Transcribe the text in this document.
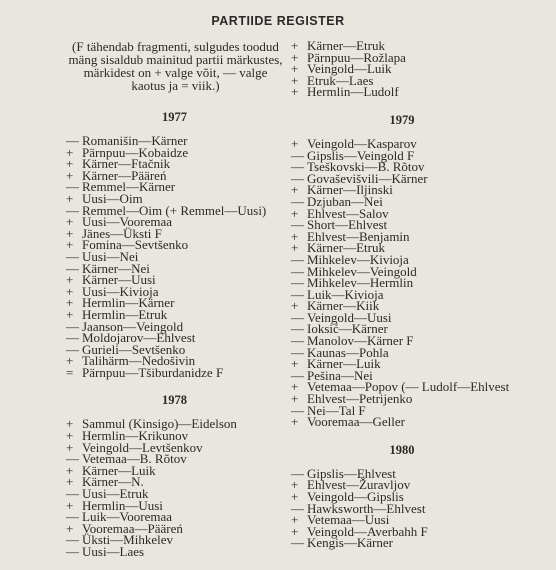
PARTIIDE REGISTER
(F tähendab fragmenti, sulgudes toodud mäng sisaldub mainitud partii märkustes, märkidest on + valge võit, — valge kaotus ja = viik.)
1977
— Romanišin—Kärner
+ Pärnpuu—Kobaidze
+ Kärner—Ftačnik
+ Kärner—Pääreń
— Remmel—Kärner
+ Uusi—Oim
— Remmel—Oim (+ Remmel—Uusi)
+ Uusi—Vooremaa
+ Jänes—Üksti F
+ Fomina—Sevtšenko
— Uusi—Nei
— Kärner—Nei
+ Kärner—Uusi
+ Uusi—Kivioja
+ Hermlin—Kärner
+ Hermlin—Etruk
— Jaanson—Veingold
— Moldojarov—Ehlvest
— Gurieli—Sevtšenko
+ Talihärm—Nedošivin
= Pärnpuu—Tšiburdanidze F
1978
+ Sammul (Kinsigo)—Eidelson
+ Hermlin—Krikunov
+ Veingold—Levtšenkov
— Vetemaa—B. Rõtov
+ Kärner—Luik
+ Kärner—N.
— Uusi—Etruk
+ Hermlin—Uusi
— Luik—Vooremaa
+ Vooremaa—Pääreń
— Üksti—Mihkelev
— Uusi—Laes
+ Kärner—Etruk
+ Pärnpuu—Rožlapa
+ Veingold—Luik
+ Etruk—Laes
+ Hermlin—Ludolf
1979
+ Veingold—Kasparov
— Gipslis—Veingold F
— Tseškovski—B. Rõtov
— Govaševišvili—Kärner
+ Kärner—Iljinski
— Dzjuban—Nei
+ Ehlvest—Salov
— Short—Ehlvest
+ Ehlvest—Benjamin
+ Kärner—Etruk
— Mihkelev—Kivioja
— Mihkelev—Veingold
— Mihkelev—Hermlin
— Luik—Kivioja
+ Kärner—Kiik
— Veingold—Uusi
— Ioksić—Kärner
— Manolov—Kärner F
— Kaunas—Pohla
+ Kärner—Luik
— Pešina—Nei
+ Vetemaa—Popov (— Ludolf—Ehlvest
+ Ehlvest—Petrijenko
— Nei—Tal F
+ Vooremaa—Geller
1980
— Gipslis—Ehlvest
+ Ehlvest—Žuravljov
+ Veingold—Gipslis
— Hawksworth—Ehlvest
+ Vetemaa—Uusi
+ Veingold—Averbahh F
— Kengis—Kärner
